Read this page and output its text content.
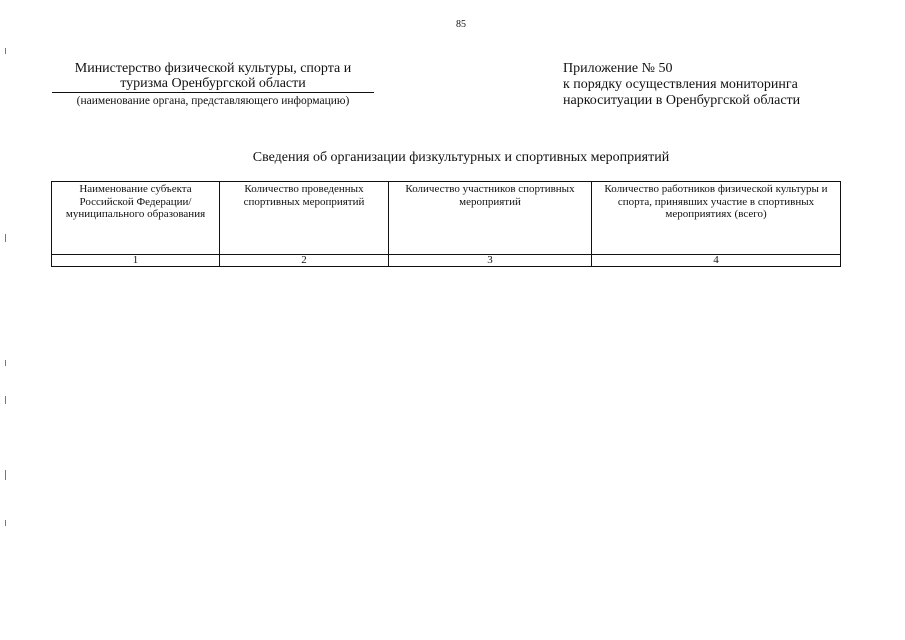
85
Министерство физической культуры, спорта и
туризма Оренбургской области
(наименование органа, представляющего информацию)
Приложение № 50
к порядку осуществления мониторинга
наркоситуации в Оренбургской области
Сведения об организации физкультурных и спортивных мероприятий
Наименование субъекта Российской Федерации/ муниципального образования	Количество проведенных спортивных мероприятий	Количество участников спортивных мероприятий	Количество работников физической культуры и спорта, принявших участие в спортивных мероприятиях (всего)
1	2	3	4
